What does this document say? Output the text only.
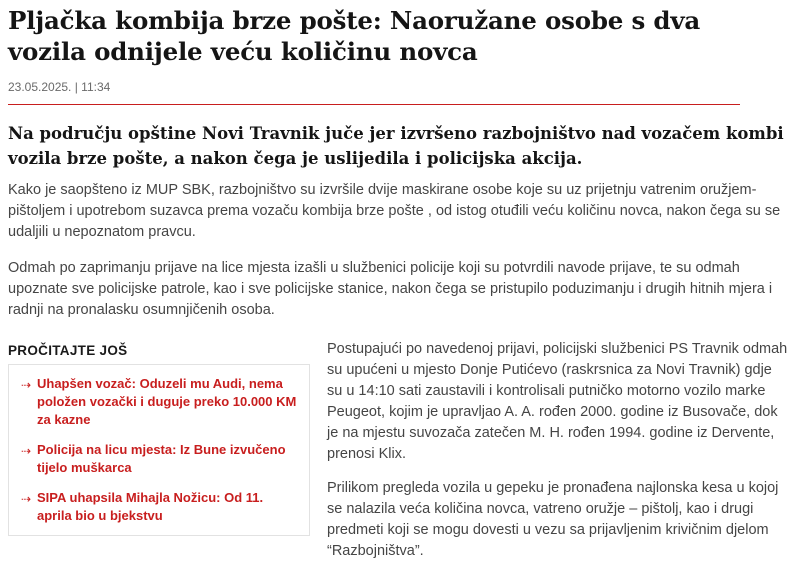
Pljačka kombija brze pošte: Naoružane osobe s dva vozila odnijele veću količinu novca
23.05.2025. | 11:34

Na području opštine Novi Travnik juče jer izvršeno razbojništvo nad vozačem kombi vozila brze pošte, a nakon čega je uslijedila i policijska akcija.

Kako je saopšteno iz MUP SBK, razbojništvo su izvršile dvije maskirane osobe koje su uz prijetnju vatrenim oružjem-pištoljem i upotrebom suzavca prema vozaču kombija brze pošte , od istog otuđili veću količinu novca, nakon čega su se udaljili u nepoznatom pravcu.

Odmah po zaprimanju prijave na lice mjesta izašli u službenici policije koji su potvrdili navode prijave, te su odmah upoznate sve policijske patrole, kao i sve policijske stanice, nakon čega se pristupilo poduzimanju i drugih hitnih mjera i radnji na pronalasku osumnjičenih osoba.

PROČITAJTE JOŠ
⇢ Uhapšen vozač: Oduzeli mu Audi, nema položen vozački i duguje preko 10.000 KM za kazne
⇢ Policija na licu mjesta: Iz Bune izvučeno tijelo muškarca
⇢ SIPA uhapsila Mihajla Nožicu: Od 11. aprila bio u bjekstvu

Postupajući po navedenoj prijavi, policijski službenici PS Travnik odmah su upućeni u mjesto Donje Putićevo (raskrsnica za Novi Travnik) gdje su u 14:10 sati zaustavili i kontrolisali putničko motorno vozilo marke Peugeot, kojim je upravljao A. A. rođen 2000. godine iz Busovače, dok je na mjestu suvozača zatečen M. H. rođen 1994. godine iz Dervente, prenosi Klix.

Prilikom pregleda vozila u gepeku je pronađena najlonska kesa u kojoj se nalazila veća količina novca, vatreno oružje – pištolj, kao i drugi predmeti koji se mogu dovesti u vezu sa prijavljenim krivičnim djelom “Razbojništva”.
